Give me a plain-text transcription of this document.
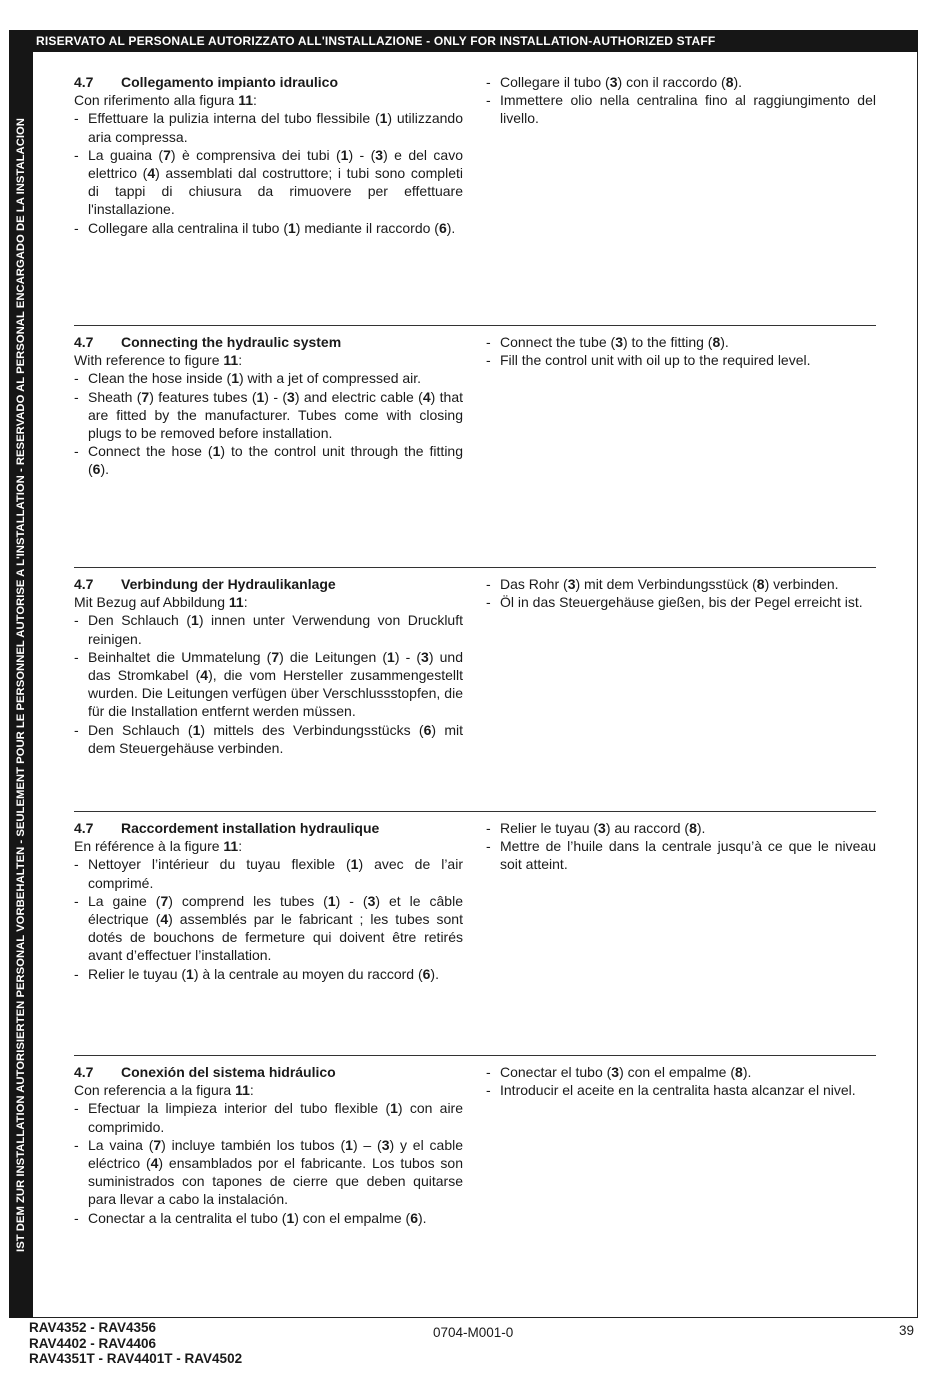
RISERVATO AL PERSONALE AUTORIZZATO ALL'INSTALLAZIONE - ONLY FOR INSTALLATION-AUTHORIZED STAFF
IST DEM ZUR INSTALLATION AUTORISIERTEN PERSONAL VORBEHALTEN - SEULEMENT POUR LE PERSONNEL AUTORISE A L'INSTALLATION - RESERVADO AL PERSONAL ENCARGADO DE LA INSTALACION

4.7 Collegamento impianto idraulico

Con riferimento alla figura 11:

- Effettuare la pulizia interna del tubo flessibile (1) utilizzando aria compressa.
- La guaina (7) è comprensiva dei tubi (1) - (3) e del cavo elettrico (4) assemblati dal costruttore; i tubi sono completi di tappi di chiusura da rimuovere per effettuare l'installazione.
- Collegare alla centralina il tubo (1) mediante il raccordo (6).
- Collegare il tubo (3) con il raccordo (8).
- Immettere olio nella centralina fino al raggiungimento del livello.

4.7 Connecting the hydraulic system

With reference to figure 11:

- Clean the hose inside (1) with a jet of compressed air.
- Sheath (7) features tubes (1) - (3) and electric cable (4) that are fitted by the manufacturer. Tubes come with closing plugs to be removed before installation.
- Connect the hose (1) to the control unit through the fitting (6).
- Connect the tube (3) to the fitting (8).
- Fill the control unit with oil up to the required level.

4.7 Verbindung der Hydraulikanlage

Mit Bezug auf Abbildung 11:

- Den Schlauch (1) innen unter Verwendung von Druckluft reinigen.
- Beinhaltet die Ummatelung (7) die Leitungen (1) - (3) und das Stromkabel (4), die vom Hersteller zusammengestellt wurden. Die Leitungen verfügen über Verschlussstopfen, die für die Installation entfernt werden müssen.
- Den Schlauch (1) mittels des Verbindungsstücks (6) mit dem Steuergehäuse verbinden.
- Das Rohr (3) mit dem Verbindungsstück (8) verbinden.
- Öl in das Steuergehäuse gießen, bis der Pegel erreicht ist.

4.7 Raccordement installation hydraulique

En référence à la figure 11:

- Nettoyer l’intérieur du tuyau flexible (1) avec de l’air comprimé.
- La gaine (7) comprend les tubes (1) - (3) et le câble électrique (4) assemblés par le fabricant ; les tubes sont dotés de bouchons de fermeture qui doivent être retirés avant d’effectuer l’installation.
- Relier le tuyau (1) à la centrale au moyen du raccord (6).
- Relier le tuyau (3) au raccord (8).
- Mettre de l’huile dans la centrale jusqu’à ce que le niveau soit atteint.

4.7 Conexión del sistema hidráulico

Con referencia a la figura 11:

- Efectuar la limpieza interior del tubo flexible (1) con aire comprimido.
- La vaina (7) incluye también los tubos (1) – (3) y el cable eléctrico (4) ensamblados por el fabricante. Los tubos son suministrados con tapones de cierre que deben quitarse para llevar a cabo la instalación.
- Conectar a la centralita el tubo (1) con el empalme (6).
- Conectar el tubo (3) con el empalme (8).
- Introducir el aceite en la centralita hasta alcanzar el nivel.
RAV4352 - RAV4356
RAV4402 - RAV4406
RAV4351T - RAV4401T - RAV4502
0704-M001-0	39
